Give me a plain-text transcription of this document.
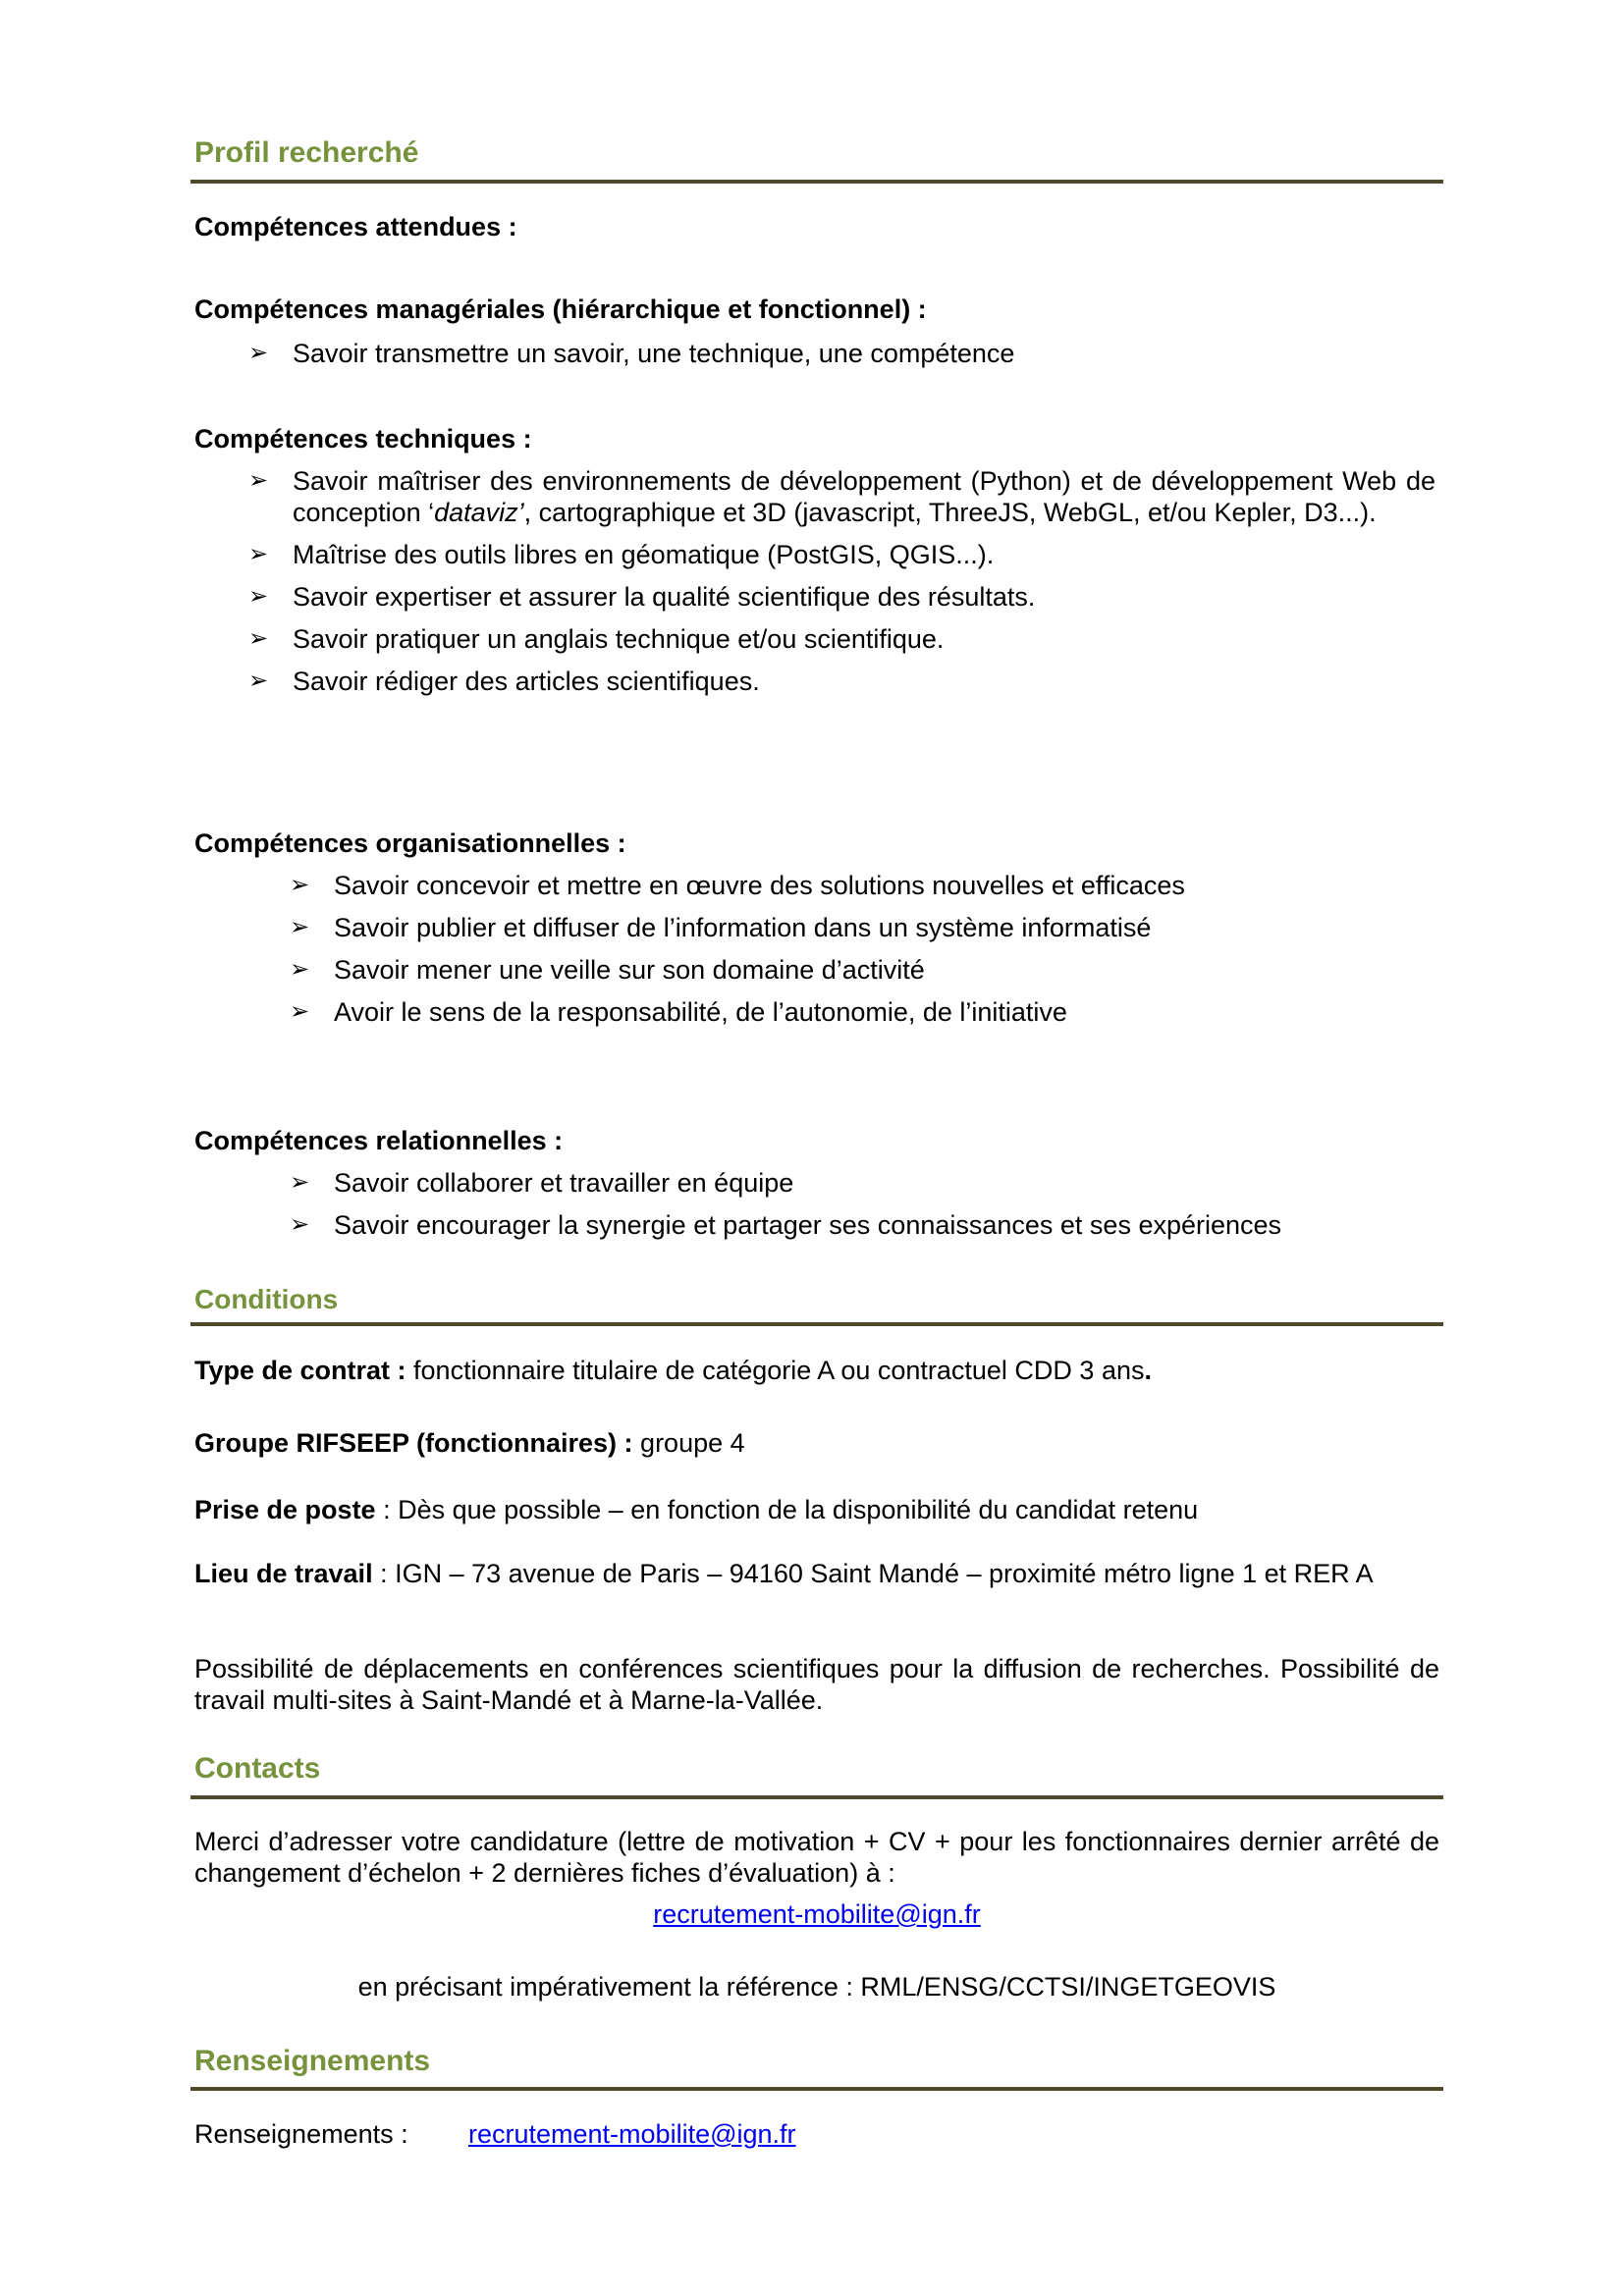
Profil recherché

Compétences attendues :

Compétences managériales (hiérarchique et fonctionnel) :

➢ Savoir transmettre un savoir, une technique, une compétence

Compétences techniques :

➢ Savoir maîtriser des environnements de développement (Python) et de développement Web de conception ‘dataviz’, cartographique et 3D (javascript, ThreeJS, WebGL, et/ou Kepler, D3...).
➢ Maîtrise des outils libres en géomatique (PostGIS, QGIS...).
➢ Savoir expertiser et assurer la qualité scientifique des résultats.
➢ Savoir pratiquer un anglais technique et/ou scientifique.
➢ Savoir rédiger des articles scientifiques.

Compétences organisationnelles :

➢ Savoir concevoir et mettre en œuvre des solutions nouvelles et efficaces
➢ Savoir publier et diffuser de l’information dans un système informatisé
➢ Savoir mener une veille sur son domaine d’activité
➢ Avoir le sens de la responsabilité, de l’autonomie, de l’initiative

Compétences relationnelles :

➢ Savoir collaborer et travailler en équipe
➢ Savoir encourager la synergie et partager ses connaissances et ses expériences
Conditions

Type de contrat : fonctionnaire titulaire de catégorie A ou contractuel CDD 3 ans.

Groupe RIFSEEP (fonctionnaires) : groupe 4

Prise de poste : Dès que possible – en fonction de la disponibilité du candidat retenu

Lieu de travail : IGN – 73 avenue de Paris – 94160 Saint Mandé – proximité métro ligne 1 et RER A

Possibilité de déplacements en conférences scientifiques pour la diffusion de recherches. Possibilité de travail multi-sites à Saint-Mandé et à Marne-la-Vallée.

Contacts

Merci d’adresser votre candidature (lettre de motivation + CV + pour les fonctionnaires dernier arrêté de changement d’échelon + 2 dernières fiches d’évaluation) à :

recrutement-mobilite@ign.fr

en précisant impérativement la référence : RML/ENSG/CCTSI/INGETGEOVIS

Renseignements

Renseignements : recrutement-mobilite@ign.fr
